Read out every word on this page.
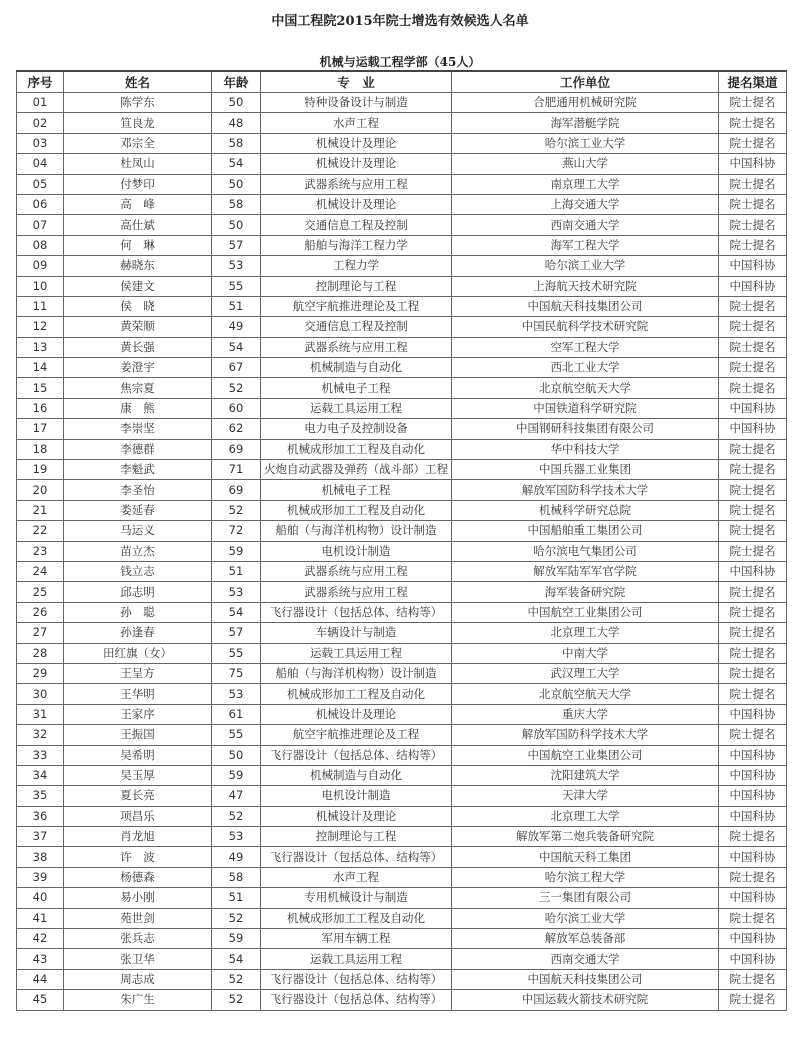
中国工程院2015年院士增选有效候选人名单
机械与运载工程学部（45人）
序号	姓名	年龄	专　业	工作单位	提名渠道
01	陈学东	50	特种设备设计与制造	合肥通用机械研究院	院士提名
02	笪良龙	48	水声工程	海军潜艇学院	院士提名
03	邓宗全	58	机械设计及理论	哈尔滨工业大学	院士提名
04	杜凤山	54	机械设计及理论	燕山大学	中国科协
05	付梦印	50	武器系统与应用工程	南京理工大学	院士提名
06	高　峰	58	机械设计及理论	上海交通大学	院士提名
07	高仕斌	50	交通信息工程及控制	西南交通大学	院士提名
08	何　琳	57	船舶与海洋工程力学	海军工程大学	院士提名
09	赫晓东	53	工程力学	哈尔滨工业大学	中国科协
10	侯建文	55	控制理论与工程	上海航天技术研究院	中国科协
11	侯　晓	51	航空宇航推进理论及工程	中国航天科技集团公司	院士提名
12	黄荣顺	49	交通信息工程及控制	中国民航科学技术研究院	院士提名
13	黄长强	54	武器系统与应用工程	空军工程大学	院士提名
14	姜澄宇	67	机械制造与自动化	西北工业大学	院士提名
15	焦宗夏	52	机械电子工程	北京航空航天大学	院士提名
16	康　熊	60	运载工具运用工程	中国铁道科学研究院	中国科协
17	李崇坚	62	电力电子及控制设备	中国钢研科技集团有限公司	中国科协
18	李德群	69	机械成形加工工程及自动化	华中科技大学	院士提名
19	李魁武	71	火炮自动武器及弹药（战斗部）工程	中国兵器工业集团	院士提名
20	李圣怡	69	机械电子工程	解放军国防科学技术大学	院士提名
21	娄延春	52	机械成形加工工程及自动化	机械科学研究总院	院士提名
22	马运义	72	船舶（与海洋机构物）设计制造	中国船舶重工集团公司	院士提名
23	苗立杰	59	电机设计制造	哈尔滨电气集团公司	院士提名
24	钱立志	51	武器系统与应用工程	解放军陆军军官学院	中国科协
25	邱志明	53	武器系统与应用工程	海军装备研究院	院士提名
26	孙　聪	54	飞行器设计（包括总体、结构等）	中国航空工业集团公司	院士提名
27	孙逢春	57	车辆设计与制造	北京理工大学	院士提名
28	田红旗（女）	55	运载工具运用工程	中南大学	院士提名
29	王呈方	75	船舶（与海洋机构物）设计制造	武汉理工大学	院士提名
30	王华明	53	机械成形加工工程及自动化	北京航空航天大学	院士提名
31	王家序	61	机械设计及理论	重庆大学	中国科协
32	王振国	55	航空宇航推进理论及工程	解放军国防科学技术大学	院士提名
33	吴希明	50	飞行器设计（包括总体、结构等）	中国航空工业集团公司	中国科协
34	吴玉厚	59	机械制造与自动化	沈阳建筑大学	中国科协
35	夏长亮	47	电机设计制造	天津大学	中国科协
36	项昌乐	52	机械设计及理论	北京理工大学	中国科协
37	肖龙旭	53	控制理论与工程	解放军第二炮兵装备研究院	院士提名
38	许　波	49	飞行器设计（包括总体、结构等）	中国航天科工集团	中国科协
39	杨德森	58	水声工程	哈尔滨工程大学	院士提名
40	易小刚	51	专用机械设计与制造	三一集团有限公司	中国科协
41	苑世剑	52	机械成形加工工程及自动化	哈尔滨工业大学	院士提名
42	张兵志	59	军用车辆工程	解放军总装备部	中国科协
43	张卫华	54	运载工具运用工程	西南交通大学	中国科协
44	周志成	52	飞行器设计（包括总体、结构等）	中国航天科技集团公司	院士提名
45	朱广生	52	飞行器设计（包括总体、结构等）	中国运载火箭技术研究院	院士提名
